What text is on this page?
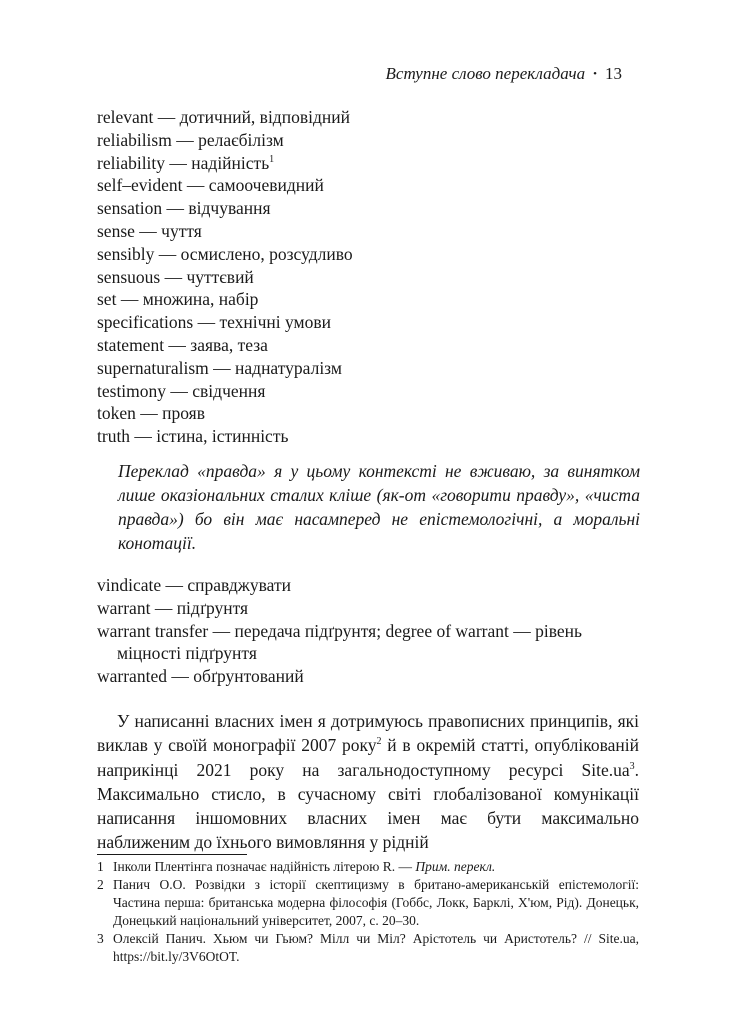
Вступне слово перекладача • 13
relevant — дотичний, відповідний
reliabilism — релаєбілізм
reliability — надійність$^1$
self–evident — самоочевидний
sensation — відчування
sense — чуття
sensibly — осмислено, розсудливо
sensuous — чуттєвий
set — множина, набір
specifications — технічні умови
statement — заява, теза
supernaturalism — наднатуралізм
testimony — свідчення
token — прояв
truth — істина, істинність
Переклад «правда» я у цьому контексті не вживаю, за винятком лише оказіональних сталих кліше (як-от «говорити правду», «чиста правда») бо він має насамперед не епістемологічні, а моральні конотації.
vindicate — справджувати
warrant — підґрунтя
warrant transfer — передача підґрунтя; degree of warrant — рівень міцності підґрунтя
warranted — обґрунтований
У написанні власних імен я дотримуюсь правописних принципів, які виклав у своїй монографії 2007 року$^2$ й в окремій статті, опублікованій наприкінці 2021 року на загальнодоступному ресурсі $Site.ua^3$. Максимально стисло, в сучасному світі глобалізованої комунікації написання іншомовних власних імен має бути максимально наближеним до їхнього вимовляння у рідній
1 Інколи Плентінга позначає надійність літерою R. — Прим. перекл.
2 Панич О.О. Розвідки з історії скептицизму в британо-американській епістемології: Частина перша: британська модерна філософія (Гоббс, Локк, Барклі, Х'юм, Рід). Донецьк, Донецький національний університет, 2007, с. 20–30.
3 Олексій Панич. Хьюм чи Гьюм? Мілл чи Міл? Арістотель чи Аристотель? // Site.ua, https://bit.ly/3V6OtOT.
